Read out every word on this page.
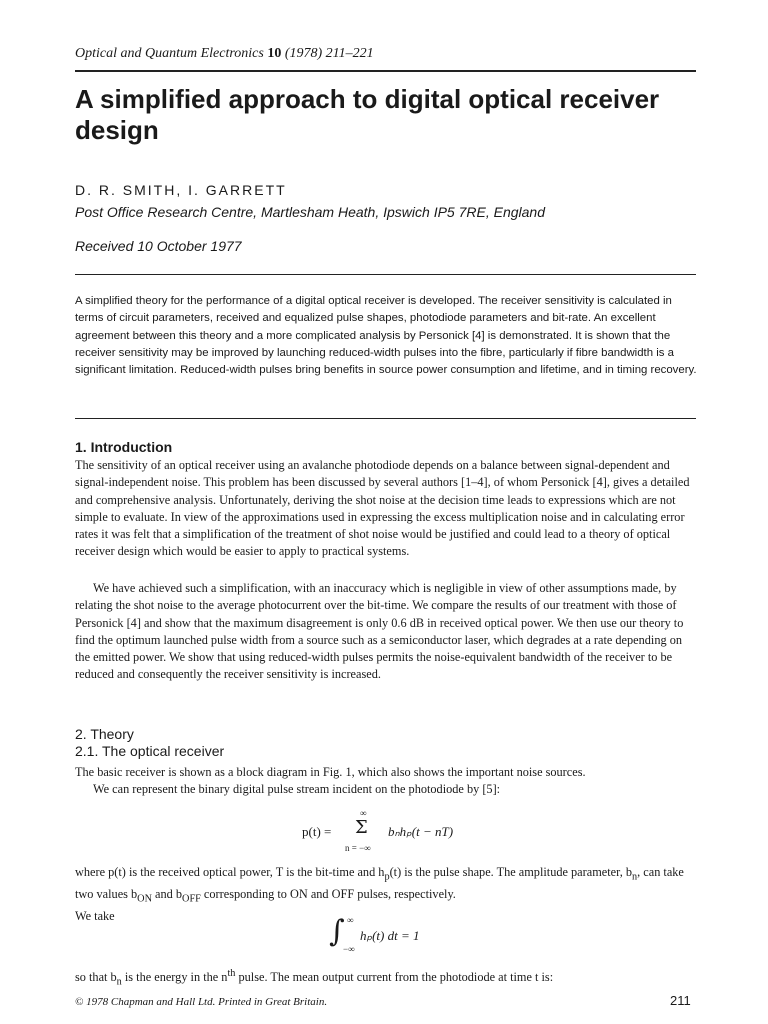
Optical and Quantum Electronics 10 (1978) 211–221
A simplified approach to digital optical receiver design
D. R. SMITH, I. GARRETT
Post Office Research Centre, Martlesham Heath, Ipswich IP5 7RE, England
Received 10 October 1977
A simplified theory for the performance of a digital optical receiver is developed. The receiver sensitivity is calculated in terms of circuit parameters, received and equalized pulse shapes, photodiode parameters and bit-rate. An excellent agreement between this theory and a more complicated analysis by Personick [4] is demonstrated. It is shown that the receiver sensitivity may be improved by launching reduced-width pulses into the fibre, particularly if fibre bandwidth is a significant limitation. Reduced-width pulses bring benefits in source power consumption and lifetime, and in timing recovery.
1. Introduction
The sensitivity of an optical receiver using an avalanche photodiode depends on a balance between signal-dependent and signal-independent noise. This problem has been discussed by several authors [1–4], of whom Personick [4], gives a detailed and comprehensive analysis. Unfortunately, deriving the shot noise at the decision time leads to expressions which are not simple to evaluate. In view of the approximations used in expressing the excess multiplication noise and in calculating error rates it was felt that a simplification of the treatment of shot noise would be justified and could lead to a theory of optical receiver design which would be easier to apply to practical systems.
We have achieved such a simplification, with an inaccuracy which is negligible in view of other assumptions made, by relating the shot noise to the average photocurrent over the bit-time. We compare the results of our treatment with those of Personick [4] and show that the maximum disagreement is only 0.6 dB in received optical power. We then use our theory to find the optimum launched pulse width from a source such as a semiconductor laser, which degrades at a rate depending on the emitted power. We show that using reduced-width pulses permits the noise-equivalent bandwidth of the receiver to be reduced and consequently the receiver sensitivity is increased.
2. Theory
2.1. The optical receiver
The basic receiver is shown as a block diagram in Fig. 1, which also shows the important noise sources.
We can represent the binary digital pulse stream incident on the photodiode by [5]:
p(t) =
∞
Σ
n = −∞
bₙhₚ(t − nT)
where p(t) is the received optical power, T is the bit-time and $h_p(t)$ is the pulse shape. The amplitude parameter, $b_n$, can take two values $b_{ON}$ and $b_{OFF}$ corresponding to ON and OFF pulses, respectively.
We take	∫ ∞
−∞
hₚ(t) dt = 1
so that $b_n$ is the energy in the $n^{th}$ pulse. The mean output current from the photodiode at time t is:
© 1978 Chapman and Hall Ltd. Printed in Great Britain.	211
